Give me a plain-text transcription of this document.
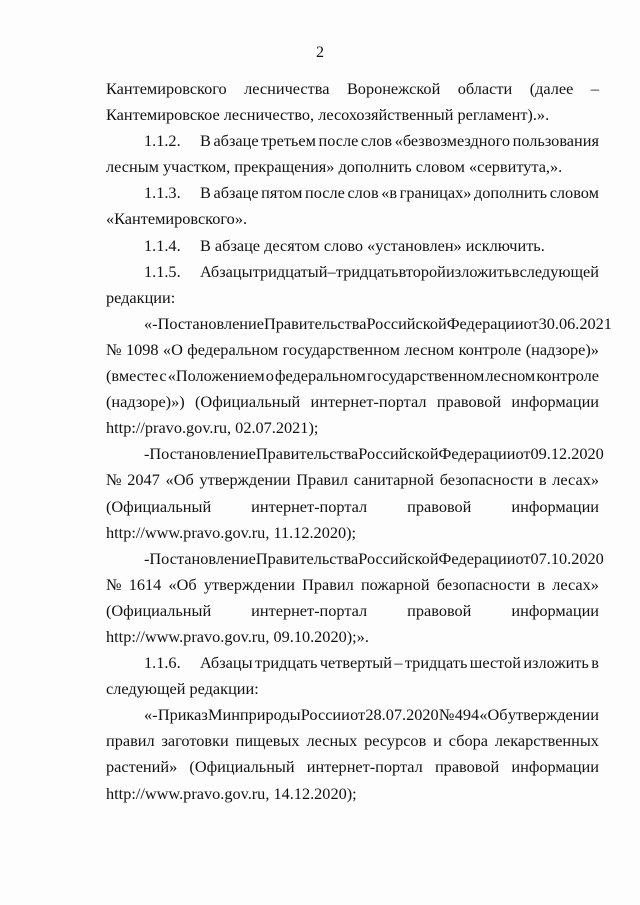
2
Кантемировского лесничества Воронежской области (далее –
Кантемировское лесничество, лесохозяйственный регламент).».
1.1.2.	В абзаце третьем после слов «безвозмездного пользования
лесным участком, прекращения» дополнить словом «сервитута,».
1.1.3.	В абзаце пятом после слов «в границах» дополнить словом
«Кантемировского».
1.1.4.	В абзаце десятом слово «установлен» исключить.
1.1.5.	Абзацы тридцатый – тридцать второй изложить в следующей
редакции:
«- Постановление Правительства Российской Федерации от 30.06.2021
№ 1098 «О федеральном государственном лесном контроле (надзоре)»
(вместе с «Положением о федеральном государственном лесном контроле
(надзоре)») (Официальный интернет-портал правовой информации
http://pravo.gov.ru, 02.07.2021);
- Постановление Правительства Российской Федерации от 09.12.2020
№ 2047 «Об утверждении Правил санитарной безопасности в лесах»
(Официальный интернет-портал правовой информации
http://www.pravo.gov.ru, 11.12.2020);
- Постановление Правительства Российской Федерации от 07.10.2020
№ 1614 «Об утверждении Правил пожарной безопасности в лесах»
(Официальный интернет-портал правовой информации
http://www.pravo.gov.ru, 09.10.2020);».
1.1.6.	Абзацы тридцать четвертый – тридцать шестой изложить в
следующей редакции:
«- Приказ Минприроды России от 28.07.2020 № 494 «Об утверждении
правил заготовки пищевых лесных ресурсов и сбора лекарственных
растений» (Официальный интернет-портал правовой информации
http://www.pravo.gov.ru, 14.12.2020);
